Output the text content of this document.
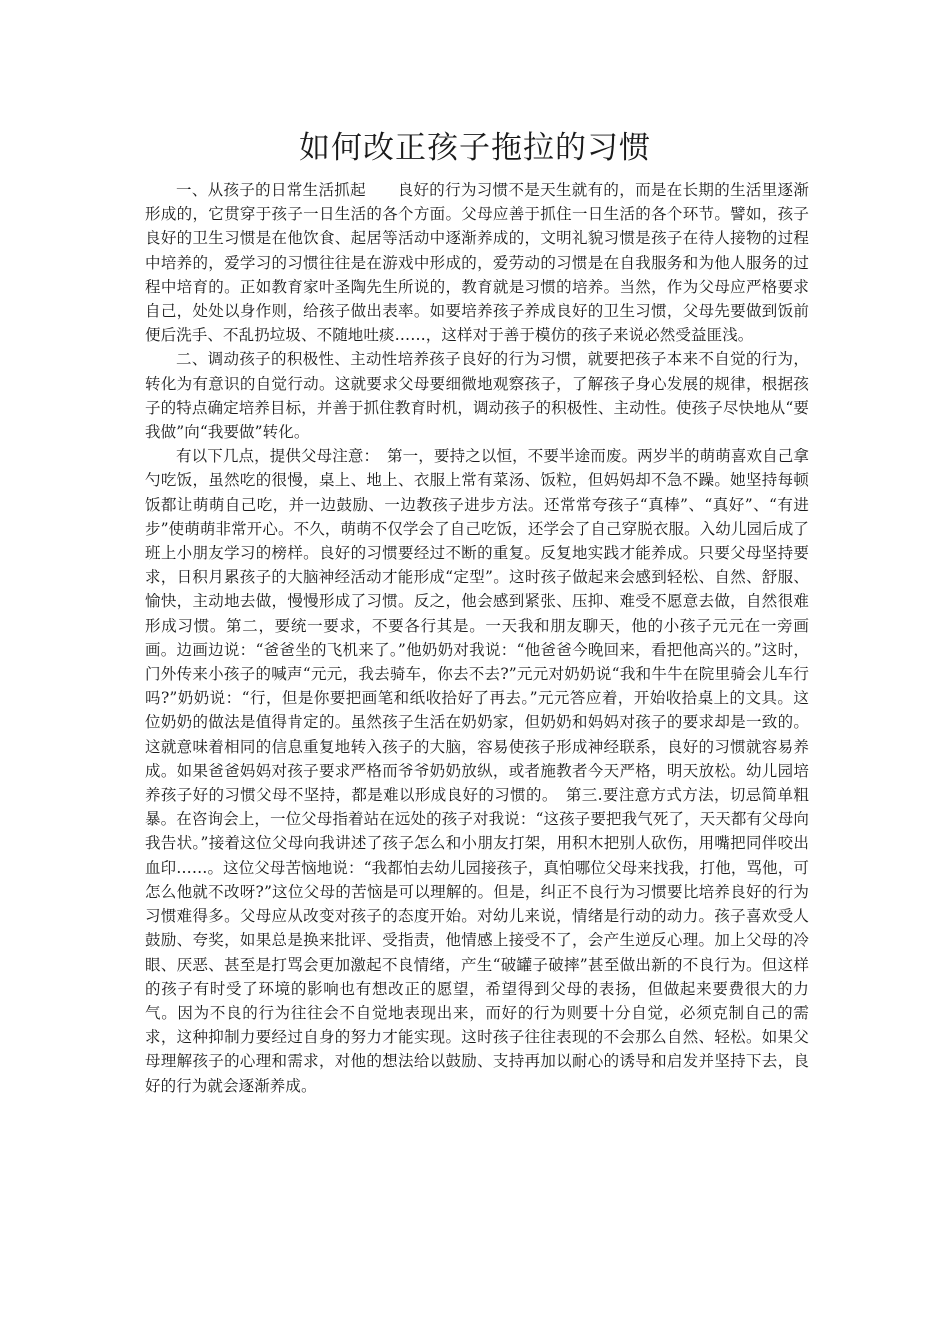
如何改正孩子拖拉的习惯

一、从孩子的日常生活抓起　　良好的行为习惯不是天生就有的，而是在长期的生活里逐渐形成的，它贯穿于孩子一日生活的各个方面。父母应善于抓住一日生活的各个环节。譬如，孩子良好的卫生习惯是在他饮食、起居等活动中逐渐养成的，文明礼貌习惯是孩子在待人接物的过程中培养的，爱学习的习惯往往是在游戏中形成的，爱劳动的习惯是在自我服务和为他人服务的过程中培育的。正如教育家叶圣陶先生所说的，教育就是习惯的培养。当然，作为父母应严格要求自己，处处以身作则，给孩子做出表率。如要培养孩子养成良好的卫生习惯，父母先要做到饭前便后洗手、不乱扔垃圾、不随地吐痰……，这样对于善于模仿的孩子来说必然受益匪浅。

二、调动孩子的积极性、主动性培养孩子良好的行为习惯，就要把孩子本来不自觉的行为，转化为有意识的自觉行动。这就要求父母要细微地观察孩子，了解孩子身心发展的规律，根据孩子的特点确定培养目标，并善于抓住教育时机，调动孩子的积极性、主动性。使孩子尽快地从“要我做”向“我要做”转化。

有以下几点，提供父母注意：　第一，要持之以恒，不要半途而废。两岁半的萌萌喜欢自己拿勺吃饭，虽然吃的很慢，桌上、地上、衣服上常有菜汤、饭粒，但妈妈却不急不躁。她坚持每顿饭都让萌萌自己吃，并一边鼓励、一边教孩子进步方法。还常常夸孩子“真棒”、“真好”、“有进步”使萌萌非常开心。不久，萌萌不仅学会了自己吃饭，还学会了自己穿脱衣服。入幼儿园后成了班上小朋友学习的榜样。良好的习惯要经过不断的重复。反复地实践才能养成。只要父母坚持要求，日积月累孩子的大脑神经活动才能形成“定型”。这时孩子做起来会感到轻松、自然、舒服、愉快，主动地去做，慢慢形成了习惯。反之，他会感到紧张、压抑、难受不愿意去做，自然很难形成习惯。第二，要统一要求，不要各行其是。一天我和朋友聊天，他的小孩子元元在一旁画画。边画边说：“爸爸坐的飞机来了。”他奶奶对我说：“他爸爸今晚回来，看把他高兴的。”这时，门外传来小孩子的喊声“元元，我去骑车，你去不去?”元元对奶奶说“我和牛牛在院里骑会儿车行吗?”奶奶说：“行，但是你要把画笔和纸收拾好了再去。”元元答应着，开始收拾桌上的文具。这位奶奶的做法是值得肯定的。虽然孩子生活在奶奶家，但奶奶和妈妈对孩子的要求却是一致的。这就意味着相同的信息重复地转入孩子的大脑，容易使孩子形成神经联系，良好的习惯就容易养成。如果爸爸妈妈对孩子要求严格而爷爷奶奶放纵，或者施教者今天严格，明天放松。幼儿园培养孩子好的习惯父母不坚持，都是难以形成良好的习惯的。　第三.要注意方式方法，切忌简单粗暴。在咨询会上，一位父母指着站在远处的孩子对我说：“这孩子要把我气死了，天天都有父母向我告状。”接着这位父母向我讲述了孩子怎么和小朋友打架，用积木把别人砍伤，用嘴把同伴咬出血印……。这位父母苦恼地说：“我都怕去幼儿园接孩子，真怕哪位父母来找我，打他，骂他，可怎么他就不改呀?”这位父母的苦恼是可以理解的。但是，纠正不良行为习惯要比培养良好的行为习惯难得多。父母应从改变对孩子的态度开始。对幼儿来说，情绪是行动的动力。孩子喜欢受人鼓励、夸奖，如果总是换来批评、受指责，他情感上接受不了，会产生逆反心理。加上父母的冷眼、厌恶、甚至是打骂会更加激起不良情绪，产生“破罐子破摔”甚至做出新的不良行为。但这样的孩子有时受了环境的影响也有想改正的愿望，希望得到父母的表扬，但做起来要费很大的力气。因为不良的行为往往会不自觉地表现出来，而好的行为则要十分自觉，必须克制自己的需求，这种抑制力要经过自身的努力才能实现。这时孩子往往表现的不会那么自然、轻松。如果父母理解孩子的心理和需求，对他的想法给以鼓励、支持再加以耐心的诱导和启发并坚持下去，良好的行为就会逐渐养成。
